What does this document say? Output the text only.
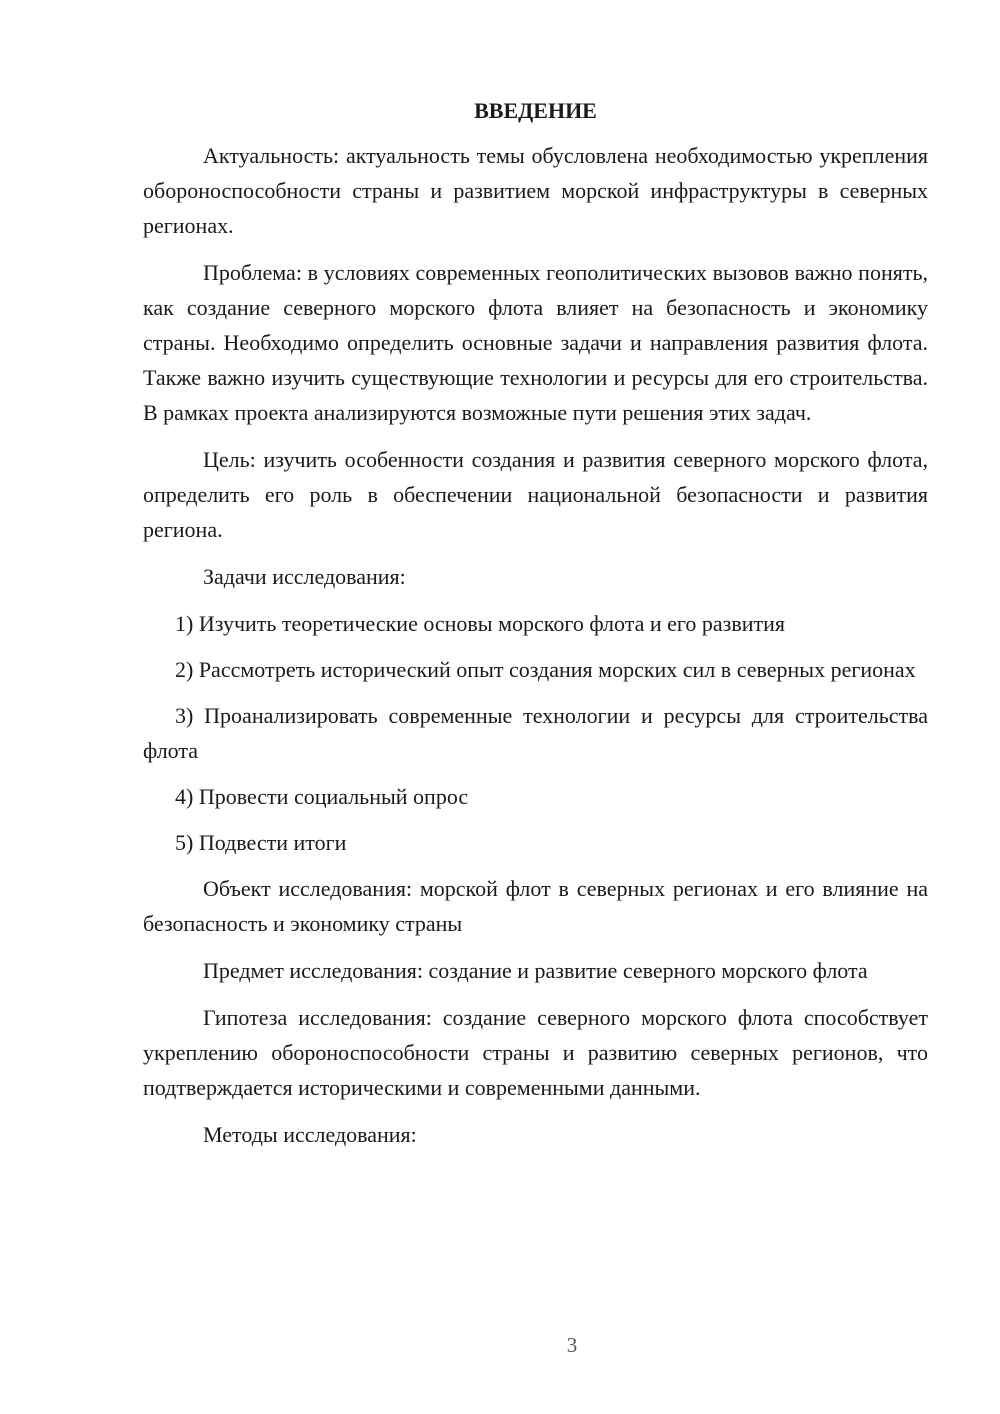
ВВЕДЕНИЕ

Актуальность: актуальность темы обусловлена необходимостью укрепления обороноспособности страны и развитием морской инфраструктуры в северных регионах.

Проблема: в условиях современных геополитических вызовов важно понять, как создание северного морского флота влияет на безопасность и экономику страны. Необходимо определить основные задачи и направления развития флота. Также важно изучить существующие технологии и ресурсы для его строительства. В рамках проекта анализируются возможные пути решения этих задач.

Цель: изучить особенности создания и развития северного морского флота, определить его роль в обеспечении национальной безопасности и развития региона.

Задачи исследования:

1) Изучить теоретические основы морского флота и его развития

2) Рассмотреть исторический опыт создания морских сил в северных регионах

3) Проанализировать современные технологии и ресурсы для строительства флота

4) Провести социальный опрос

5) Подвести итоги

Объект исследования: морской флот в северных регионах и его влияние на безопасность и экономику страны

Предмет исследования: создание и развитие северного морского флота

Гипотеза исследования: создание северного морского флота способствует укреплению обороноспособности страны и развитию северных регионов, что подтверждается историческими и современными данными.

Методы исследования:

3
